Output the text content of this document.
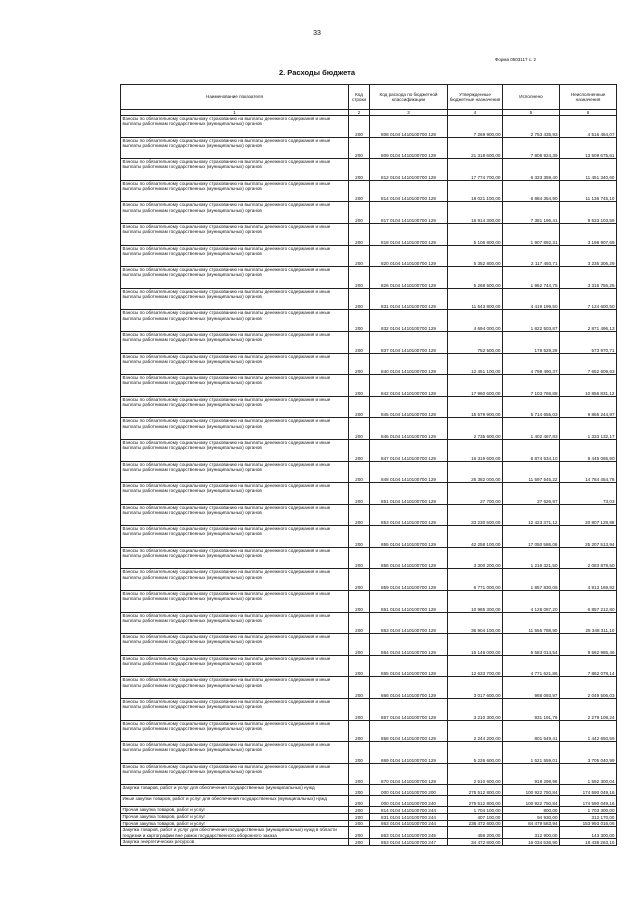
33
Форма 0503117 с. 2
2. Расходы бюджета
Наименование показателя	Код строки	Код расхода по бюджетной классификации	Утвержденные бюджетные назначения	Исполнено	Неисполненные назначения
1	2	3	4	5	6
Взносы по обязательному социальному страхованию на выплаты денежного содержания и иные выплаты работникам государственных (муниципальных) органов	200	808 0104 1410100700 129	7 269 900,00	2 753 435,93	4 516 464,07
Взносы по обязательному социальному страхованию на выплаты денежного содержания и иные выплаты работникам государственных (муниципальных) органов	200	809 0104 1410100700 129	21 318 600,00	7 808 924,39	13 509 675,61
Взносы по обязательному социальному страхованию на выплаты денежного содержания и иные выплаты работникам государственных (муниципальных) органов	200	812 0104 1410100700 129	17 774 700,00	6 323 359,40	11 451 340,60
Взносы по обязательному социальному страхованию на выплаты денежного содержания и иные выплаты работникам государственных (муниципальных) органов	200	814 0104 1410100700 129	18 021 100,00	6 884 354,90	11 136 745,10
Взносы по обязательному социальному страхованию на выплаты денежного содержания и иные выплаты работникам государственных (муниципальных) органов	200	817 0104 1410100700 129	16 914 300,00	7 381 196,41	9 533 103,59
Взносы по обязательному социальному страхованию на выплаты денежного содержания и иные выплаты работникам государственных (муниципальных) органов	200	818 0104 1410100700 129	5 106 800,00	1 907 892,31	3 198 907,69
Взносы по обязательному социальному страхованию на выплаты денежного содержания и иные выплаты работникам государственных (муниципальных) органов	200	820 0104 1410100700 129	5 352 800,00	2 117 493,71	3 235 306,29
Взносы по обязательному социальному страхованию на выплаты денежного содержания и иные выплаты работникам государственных (муниципальных) органов	200	826 0104 1410100700 129	5 268 500,00	1 952 744,75	3 315 755,25
Взносы по обязательному социальному страхованию на выплаты денежного содержания и иные выплаты работникам государственных (муниципальных) органов	200	831 0104 1410100700 129	11 543 800,00	4 419 199,50	7 124 600,50
Взносы по обязательному социальному страхованию на выплаты денежного содержания и иные выплаты работникам государственных (муниципальных) органов	200	832 0104 1410100700 129	4 694 000,00	1 822 503,87	2 871 496,13
Взносы по обязательному социальному страхованию на выплаты денежного содержания и иные выплаты работникам государственных (муниципальных) органов	200	837 0104 1410100700 129	752 500,00	178 529,29	573 970,71
Взносы по обязательному социальному страхованию на выплаты денежного содержания и иные выплаты работникам государственных (муниципальных) органов	200	840 0104 1410100700 129	12 451 100,00	4 798 490,37	7 652 609,63
Взносы по обязательному социальному страхованию на выплаты денежного содержания и иные выплаты работникам государственных (муниципальных) органов	200	842 0104 1410100700 129	17 960 600,00	7 103 768,88	10 856 831,12
Взносы по обязательному социальному страхованию на выплаты денежного содержания и иные выплаты работникам государственных (муниципальных) органов	200	845 0104 1410100700 129	15 579 900,00	5 714 655,03	9 865 244,97
Взносы по обязательному социальному страхованию на выплаты денежного содержания и иные выплаты работникам государственных (муниципальных) органов	200	846 0104 1410100700 129	2 735 600,00	1 402 467,83	1 333 132,17
Взносы по обязательному социальному страхованию на выплаты денежного содержания и иные выплаты работникам государственных (муниципальных) органов	200	847 0104 1410100700 129	16 319 600,00	6 874 534,10	9 445 065,90
Взносы по обязательному социальному страхованию на выплаты денежного содержания и иные выплаты работникам государственных (муниципальных) органов	200	848 0104 1410100700 129	26 382 000,00	11 597 545,22	14 784 454,78
Взносы по обязательному социальному страхованию на выплаты денежного содержания и иные выплаты работникам государственных (муниципальных) органов	200	851 0104 1410100700 129	27 700,00	27 626,97	73,03
Взносы по обязательному социальному страхованию на выплаты денежного содержания и иные выплаты работникам государственных (муниципальных) органов	200	853 0104 1410100700 129	33 230 500,00	12 423 371,12	20 807 128,88
Взносы по обязательному социальному страхованию на выплаты денежного содержания и иные выплаты работникам государственных (муниципальных) органов	200	855 0104 1410100700 129	42 258 100,00	17 050 586,06	25 207 513,94
Взносы по обязательному социальному страхованию на выплаты денежного содержания и иные выплаты работникам государственных (муниципальных) органов	200	856 0104 1410100700 129	3 300 200,00	1 216 321,50	2 083 878,50
Взносы по обязательному социальному страхованию на выплаты денежного содержания и иные выплаты работникам государственных (муниципальных) органов	200	859 0104 1410100700 129	6 771 000,00	1 857 830,08	4 913 169,92
Взносы по обязательному социальному страхованию на выплаты денежного содержания и иные выплаты работникам государственных (муниципальных) органов	200	861 0104 1410100700 129	10 985 300,00	4 128 087,20	6 857 212,80
Взносы по обязательному социальному страхованию на выплаты денежного содержания и иные выплаты работникам государственных (муниципальных) органов	200	863 0104 1410100700 129	36 904 100,00	11 555 788,90	25 348 311,10
Взносы по обязательному социальному страхованию на выплаты денежного содержания и иные выплаты работникам государственных (муниципальных) органов	200	864 0104 1410100700 129	15 146 000,00	5 583 014,54	9 562 985,46
Взносы по обязательному социальному страхованию на выплаты денежного содержания и иные выплаты работникам государственных (муниципальных) органов	200	865 0104 1410100700 129	12 633 700,00	4 771 621,86	7 862 078,14
Взносы по обязательному социальному страхованию на выплаты денежного содержания и иные выплаты работникам государственных (муниципальных) органов	200	866 0104 1410100700 129	3 017 600,00	968 093,97	2 049 506,03
Взносы по обязательному социальному страхованию на выплаты денежного содержания и иные выплаты работникам государственных (муниципальных) органов	200	867 0104 1410100700 129	3 210 300,00	931 191,76	2 279 108,24
Взносы по обязательному социальному страхованию на выплаты денежного содержания и иные выплаты работникам государственных (муниципальных) органов	200	868 0104 1410100700 129	2 244 200,00	801 549,41	1 442 650,59
Взносы по обязательному социальному страхованию на выплаты денежного содержания и иные выплаты работникам государственных (муниципальных) органов	200	869 0104 1410100700 129	5 226 600,00	1 521 559,01	3 705 040,99
Взносы по обязательному социальному страхованию на выплаты денежного содержания и иные выплаты работникам государственных (муниципальных) органов	200	870 0104 1410100700 129	2 510 600,00	918 299,96	1 592 300,04
Закупка товаров, работ и услуг для обеспечения государственных (муниципальных) нужд	200	000 0104 1410100700 200	275 512 800,00	100 922 750,84	174 590 049,16
Иные закупки товаров, работ и услуг для обеспечения государственных (муниципальных) нужд	200	000 0104 1410100700 240	275 512 800,00	100 922 750,84	174 590 049,16
Прочая закупка товаров, работ и услуг	200	814 0104 1410100700 244	1 704 100,00	800,00	1 703 300,00
Прочая закупка товаров, работ и услуг	200	831 0104 1410100700 244	407 100,00	94 930,00	312 170,00
Прочая закупка товаров, работ и услуг	200	863 0104 1410100700 244	238 472 600,00	84 479 583,94	153 993 016,06
Закупка товаров, работ и услуг для обеспечения государственных (муниципальных) нужд в области геодезии и картографии вне рамок государственного оборонного заказа	200	863 0104 1410100700 245	456 200,00	312 900,00	143 300,00
Закупка энергетических ресурсов	200	863 0104 1410100700 247	34 472 800,00	16 034 536,90	18 438 263,10
